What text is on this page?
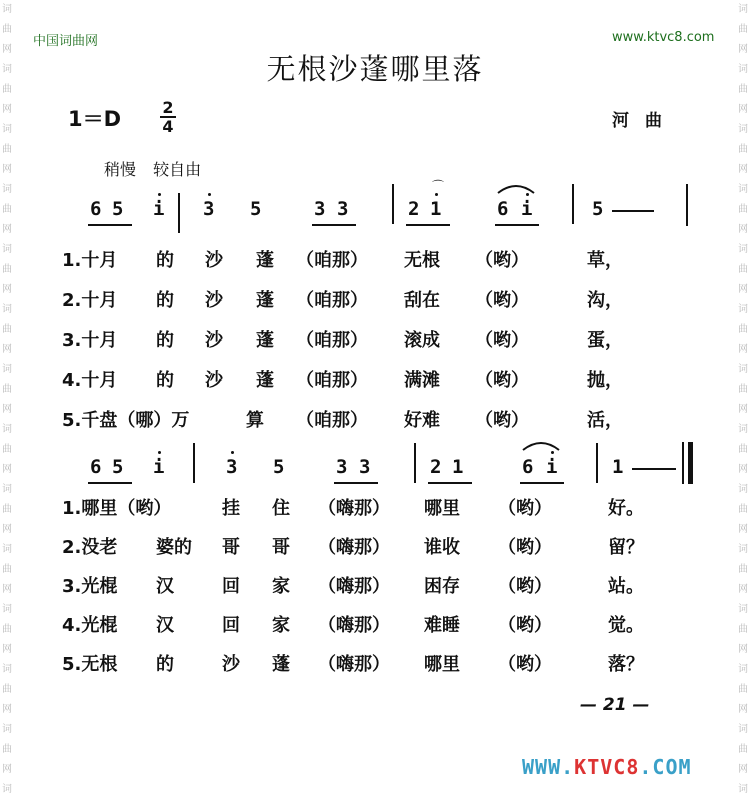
词
曲
网
词
曲
网
词
曲
网
词
曲
网
词
曲
网
词
曲
网
词
曲
网
词
曲
网
词
曲
网
词
曲
网
词
曲
网
词
曲
网
词
曲
网
词
词
曲
网
词
曲
网
词
曲
网
词
曲
网
词
曲
网
词
曲
网
词
曲
网
词
曲
网
词
曲
网
词
曲
网
词
曲
网
词
曲
网
词
曲
网
词
中国词曲网	www.ktvc8.com
无根沙蓬哪里落
1＝D	2
4	河曲
稍慢 较自由
6 5 i 3 5	3 3	2 1
⌒
6 i	5
1.十月 的 沙 蓬 （咱那） 无根 （哟）	草，
2.十月 的 沙 蓬 （咱那） 刮在 （哟）	沟，
3.十月 的 沙 蓬 （咱那） 滚成 （哟）	蛋，
4.十月 的 沙 蓬 （咱那） 满滩 （哟）	抛，
5.千盘（哪）万	算 （咱那） 好难 （哟）	活，
6 5 i	3 5	3 3	2 1	6 i	1
1.哪里（哟）	挂 住 （嗨那） 哪里 （哟）	好。
2.没老 婆的 哥 哥 （嗨那） 谁收 （哟）	留？
3.光棍 汉	回 家 （嗨那） 困存 （哟）	站。
4.光棍 汉	回 家 （嗨那） 难睡 （哟）	觉。
5.无根 的	沙 蓬 （嗨那） 哪里 （哟）	落？
— 21 —
WWW.KTVC8.COM
